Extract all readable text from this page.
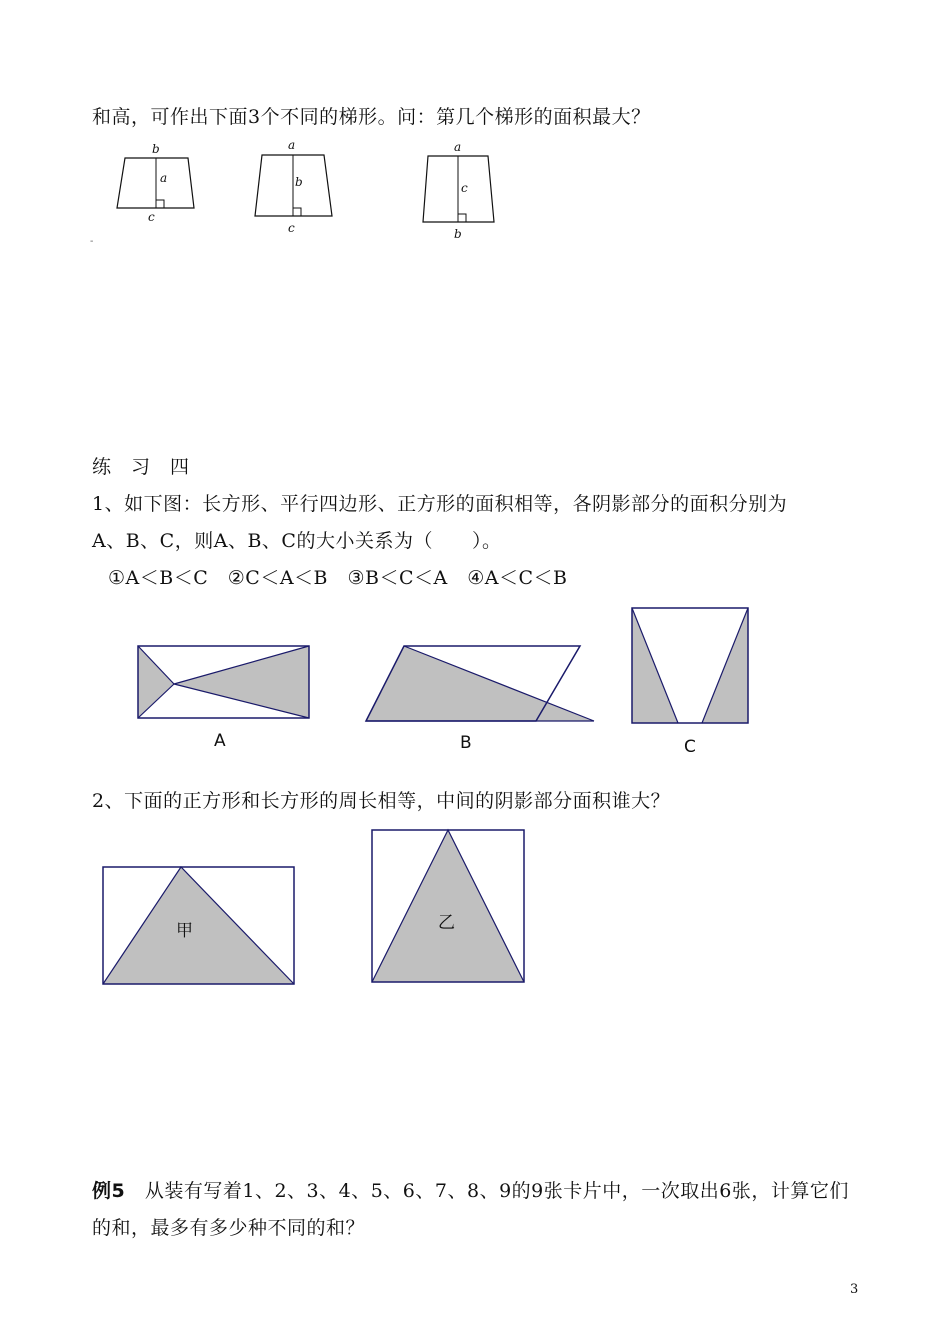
和高，可作出下面3个不同的梯形。问：第几个梯形的面积最大？
b
a
c
a
b
c
a
c
b
-
练　习　四
1、如下图：长方形、平行四边形、正方形的面积相等，各阴影部分的面积分别为
A、B、C，则A、B、C的大小关系为（　　）。
①A＜B＜C　②C＜A＜B　③B＜C＜A　④A＜C＜B
A	B	C
2、下面的正方形和长方形的周长相等，中间的阴影部分面积谁大？
甲	乙
例5 从装有写着1、2、3、4、5、6、7、8、9的9张卡片中，一次取出6张，计算它们
的和，最多有多少种不同的和？
3
